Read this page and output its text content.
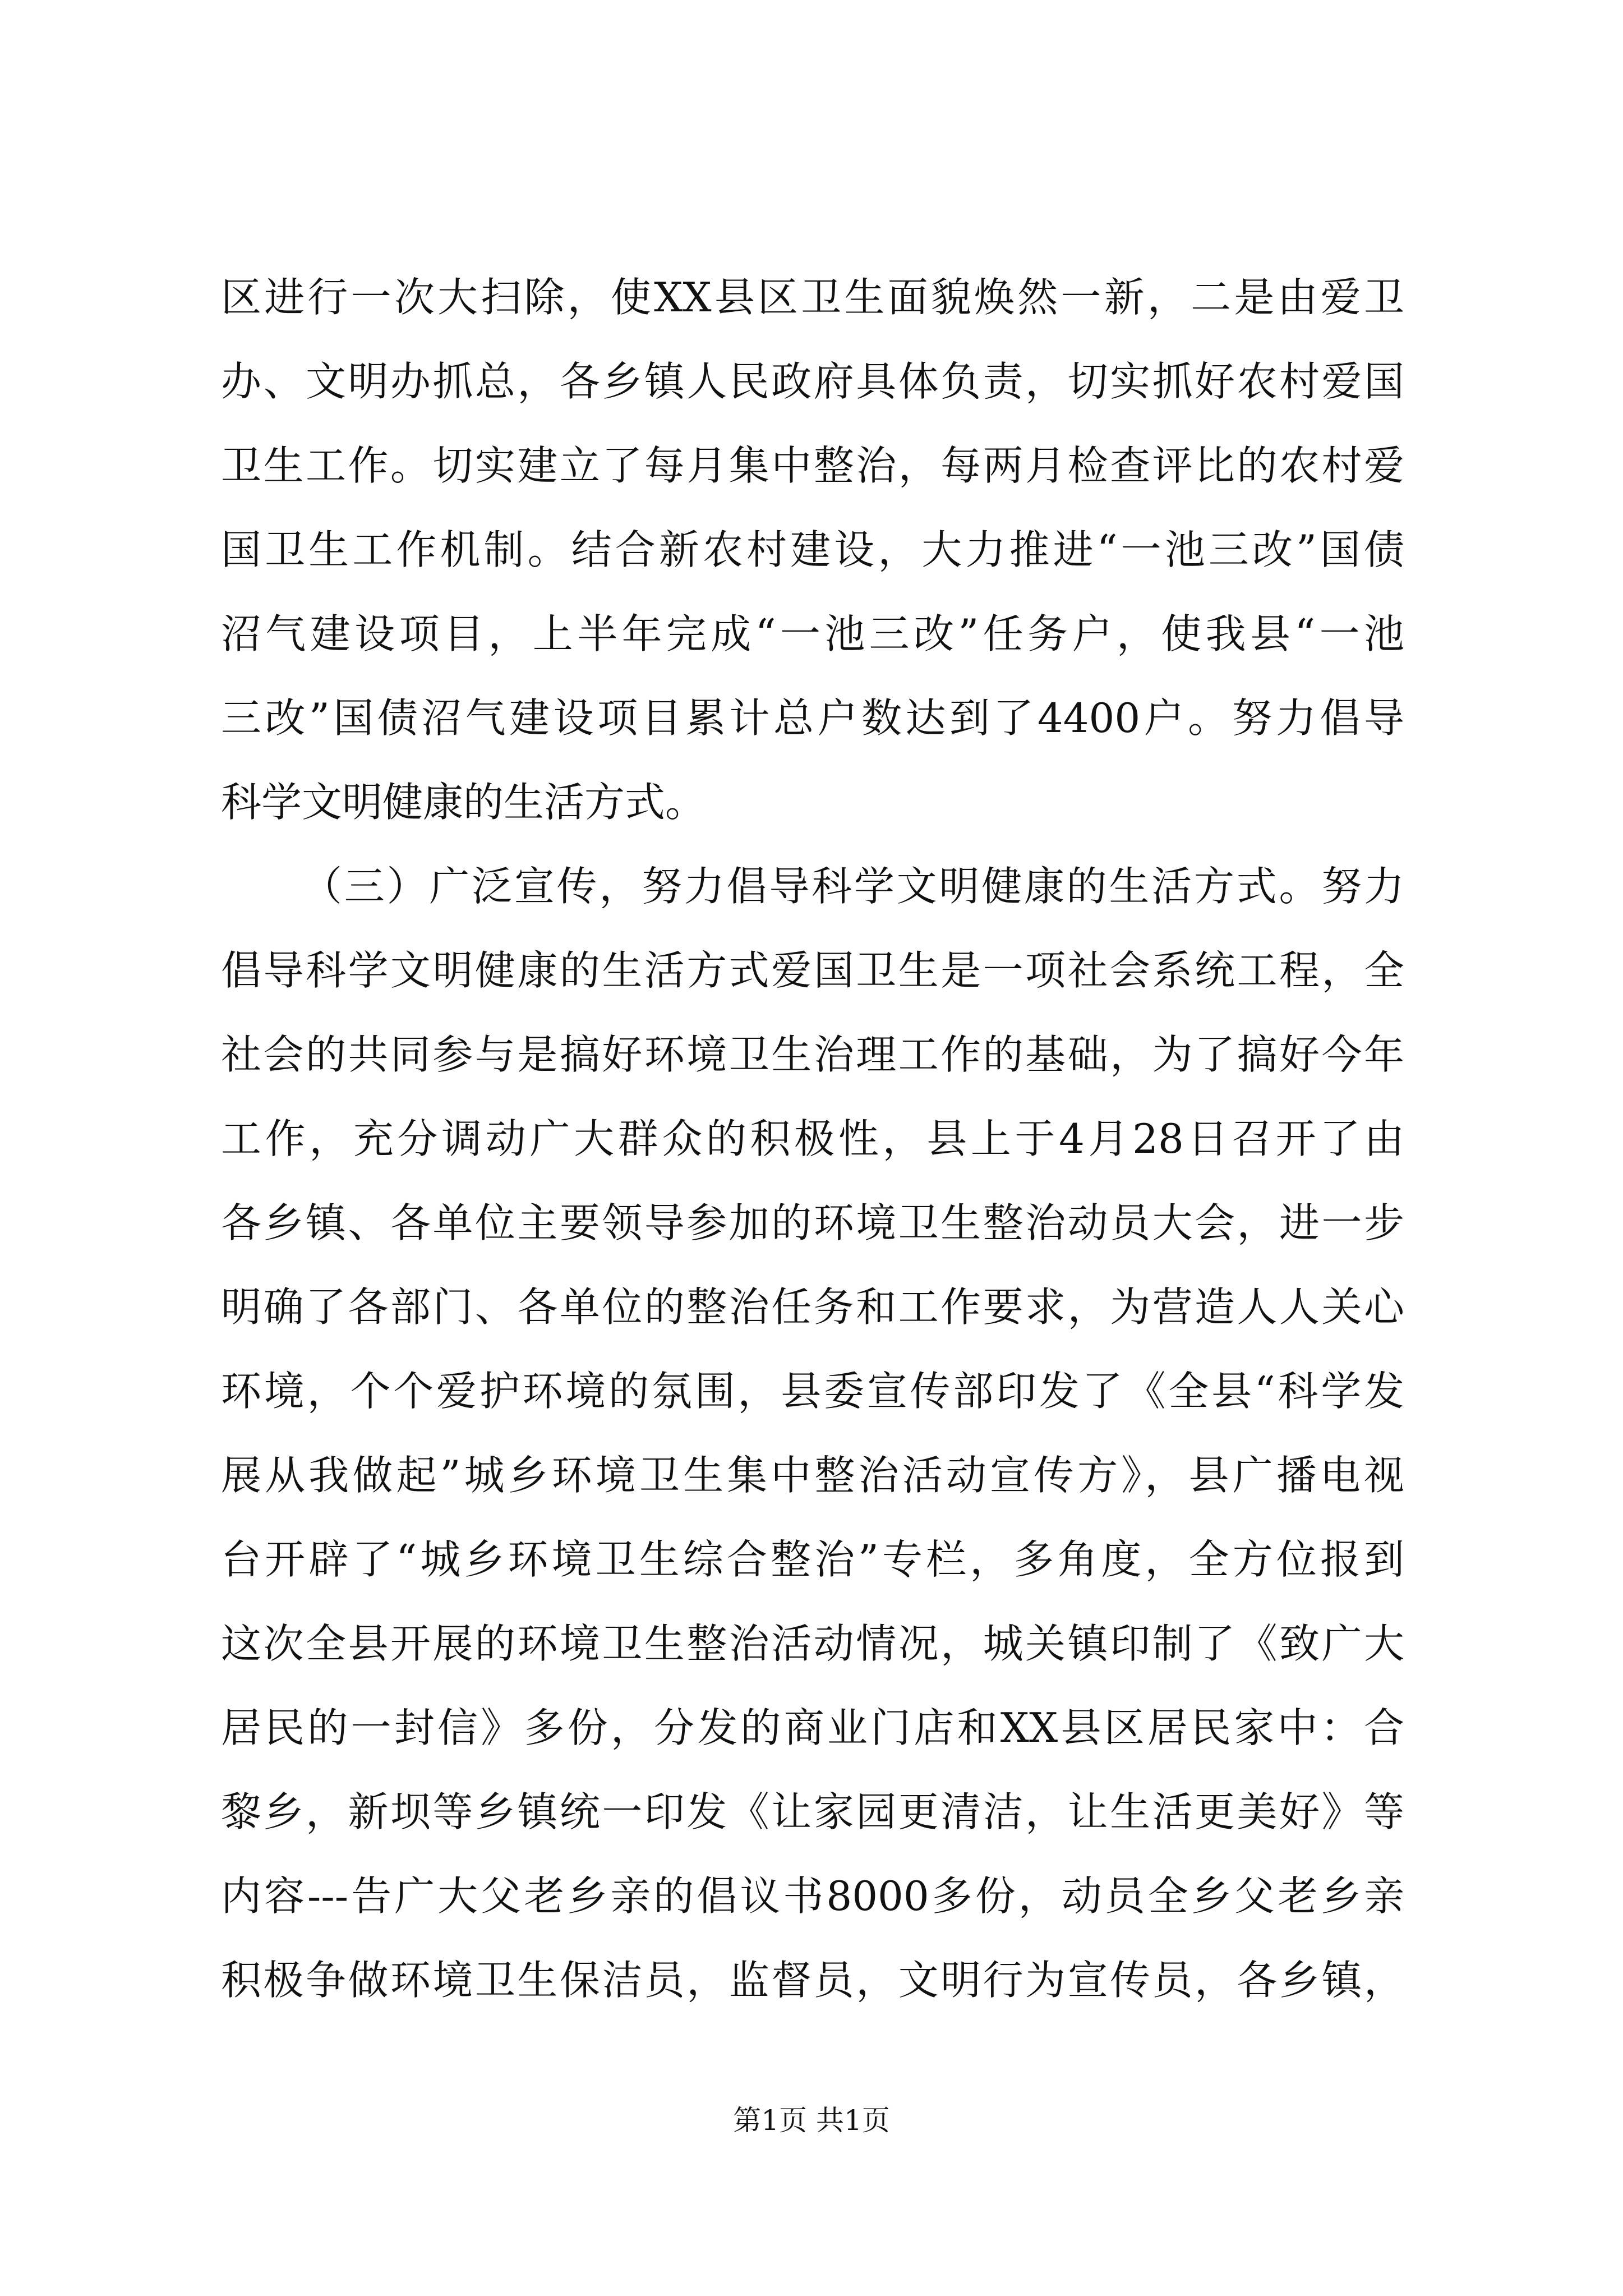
区进行一次大扫除，使XX县区卫生面貌焕然一新，二是由爱卫
办、文明办抓总，各乡镇人民政府具体负责，切实抓好农村爱国
卫生工作。切实建立了每月集中整治，每两月检查评比的农村爱
国卫生工作机制。结合新农村建设，大力推进“一池三改”国债
沼气建设项目，上半年完成“一池三改”任务户，使我县“一池
三改”国债沼气建设项目累计总户数达到了4400户。努力倡导
科学文明健康的生活方式。
（三）广泛宣传，努力倡导科学文明健康的生活方式。努力
倡导科学文明健康的生活方式爱国卫生是一项社会系统工程，全
社会的共同参与是搞好环境卫生治理工作的基础，为了搞好今年
工作，充分调动广大群众的积极性，县上于4月28日召开了由
各乡镇、各单位主要领导参加的环境卫生整治动员大会，进一步
明确了各部门、各单位的整治任务和工作要求，为营造人人关心
环境，个个爱护环境的氛围，县委宣传部印发了《全县“科学发
展从我做起”城乡环境卫生集中整治活动宣传方》，县广播电视
台开辟了“城乡环境卫生综合整治”专栏，多角度，全方位报到
这次全县开展的环境卫生整治活动情况，城关镇印制了《致广大
居民的一封信》多份，分发的商业门店和XX县区居民家中：合
黎乡，新坝等乡镇统一印发《让家园更清洁，让生活更美好》等
内容---告广大父老乡亲的倡议书8000多份，动员全乡父老乡亲
积极争做环境卫生保洁员，监督员，文明行为宣传员，各乡镇，
第1页 共1页
